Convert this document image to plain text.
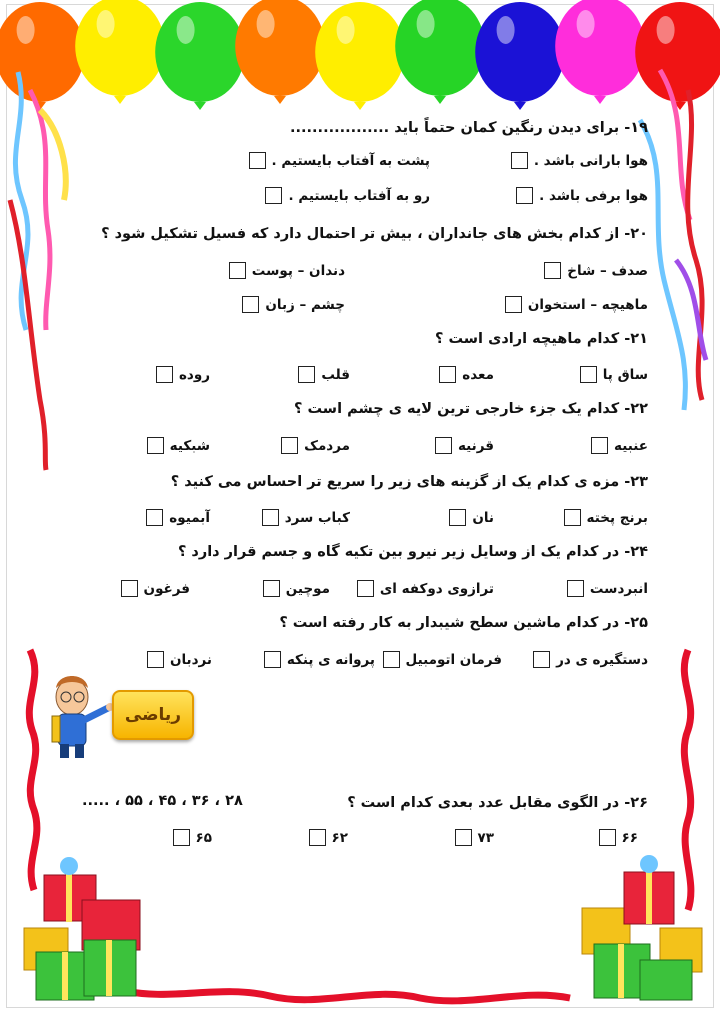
۱۹- برای دیدن رنگین کمان حتماً باید ..................
هوا بارانی باشد .
پشت به آفتاب بایستیم .
هوا برفی باشد .
رو به آفتاب بایستیم .
۲۰- از کدام بخش های جانداران ، بیش تر احتمال دارد که فسیل تشکیل شود ؟
صدف – شاخ
دندان – پوست
ماهیچه – استخوان
چشم – زبان
۲۱- کدام ماهیچه ارادی است ؟
ساق پا
معده
قلب
روده
۲۲- کدام یک جزء خارجی ترین لایه ی چشم است ؟
عنبیه
قرنیه
مردمک
شبکیه
۲۳- مزه ی کدام یک از گزینه های زیر را سریع تر احساس می کنید ؟
برنج پخته
نان
کباب سرد
آبمیوه
۲۴- در کدام یک از وسایل زیر نیرو بین تکیه گاه و جسم قرار دارد ؟
انبردست
ترازوی دوکفه ای
موچین
فرغون
۲۵- در کدام ماشین سطح شیبدار به کار رفته است ؟
دستگیره ی در
فرمان اتومبیل
پروانه ی پنکه
نردبان
ریاضی
۲۶- در الگوی مقابل عدد بعدی کدام است ؟
۲۸ ، ۳۶ ، ۴۵ ، ۵۵ ، .....
۶۶
۷۳
۶۲
۶۵
